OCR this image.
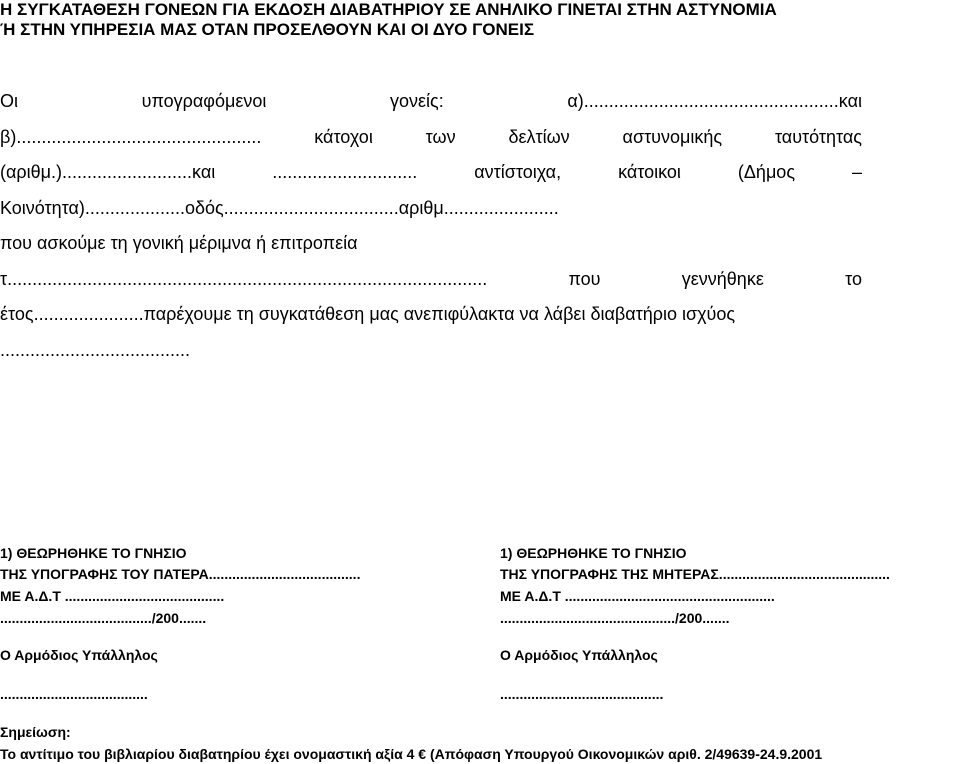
Η ΣΥΓΚΑΤΑΘΕΣΗ ΓΟΝΕΩΝ ΓΙΑ ΕΚΔΟΣΗ ΔΙΑΒΑΤΗΡΙΟΥ ΣΕ ΑΝΗΛΙΚΟ ΓΙΝΕΤΑΙ ΣΤΗΝ ΑΣΤΥΝΟΜΙΑ
Ή ΣΤΗΝ ΥΠΗΡΕΣΙΑ ΜΑΣ ΟΤΑΝ ΠΡΟΣΕΛΘΟΥΝ ΚΑΙ ΟΙ ΔΥΟ ΓΟΝΕΙΣ
Οι υπογραφόμενοι γονείς: α)...................................................και
β)................................................. κάτοχοι των δελτίων αστυνομικής ταυτότητας
(αριθμ.)..........................και ............................. αντίστοιχα, κάτοικοι (Δήμος –
Κοινότητα)....................οδός...................................αριθμ.......................
που ασκούμε τη γονική μέριμνα ή επιτροπεία
τ................................................................................................ που γεννήθηκε το
έτος......................παρέχουμε τη συγκατάθεση μας ανεπιφύλακτα να λάβει διαβατήριο ισχύος
......................................
1) ΘΕΩΡΗΘΗΚΕ ΤΟ ΓΝΗΣΙΟ
ΤΗΣ ΥΠΟΓΡΑΦΗΣ ΤΟΥ ΠΑΤΕΡΑ.......................................
ΜΕ Α.Δ.Τ .........................................
......................................./200.......
Ο Αρμόδιος Υπάλληλος
......................................
1) ΘΕΩΡΗΘΗΚΕ ΤΟ ΓΝΗΣΙΟ
ΤΗΣ ΥΠΟΓΡΑΦΗΣ ΤΗΣ ΜΗΤΕΡΑΣ............................................
ΜΕ Α.Δ.Τ ......................................................
............................................./200.......
Ο Αρμόδιος Υπάλληλος
..........................................
Σημείωση:
Το αντίτιμο του βιβλιαρίου διαβατηρίου έχει ονομαστική αξία 4 € (Απόφαση Υπουργού Οικονομικών αριθ. 2/49639-24.9.2001
